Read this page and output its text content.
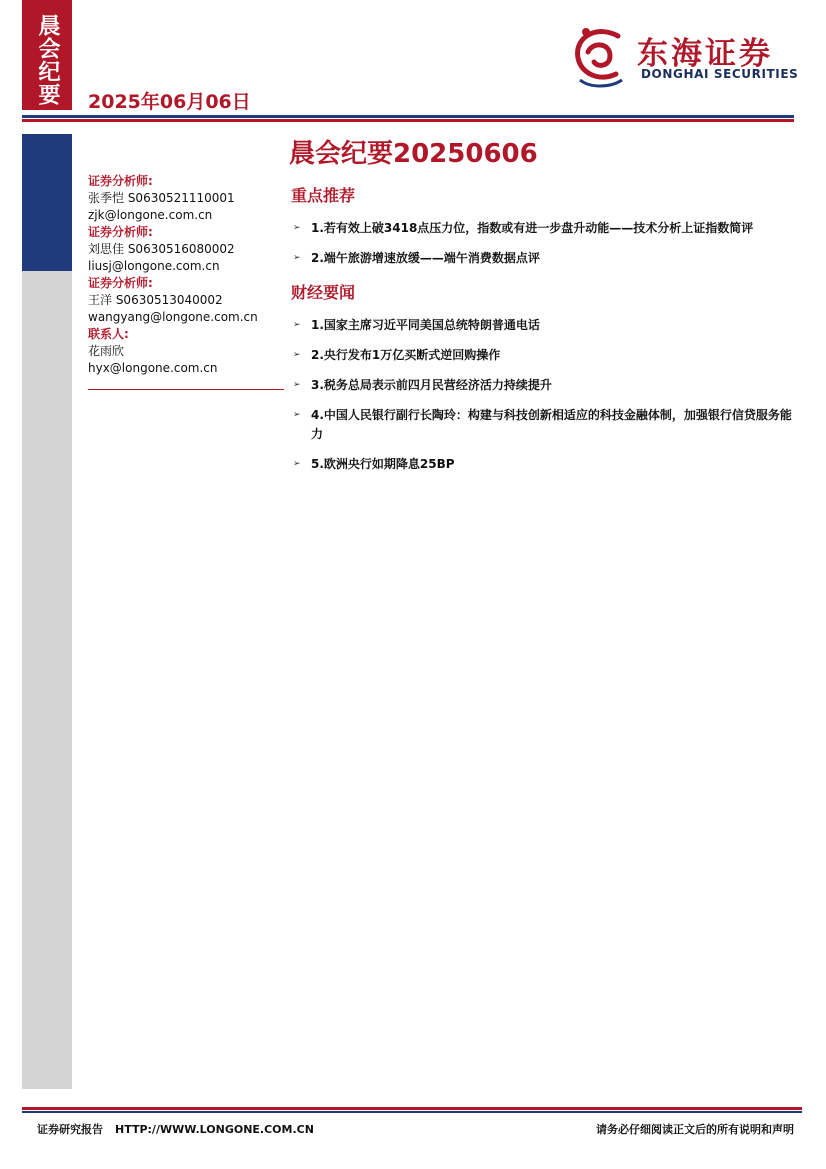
晨会纪要 2025年06月06日
东海证券
DONGHAI SECURITIES
晨会纪要20250606
证券分析师:
张季恺 S0630521110001
zjk@longone.com.cn
证券分析师:
刘思佳 S0630516080002
liusj@longone.com.cn
证券分析师:
王洋 S0630513040002
wangyang@longone.com.cn
联系人:
花雨欣
hyx@longone.com.cn
重点推荐
➢ 1.若有效上破3418点压力位，指数或有进一步盘升动能——技术分析上证指数简评
➢ 2.端午旅游增速放缓——端午消费数据点评
财经要闻
➢ 1.国家主席习近平同美国总统特朗普通电话
➢ 2.央行发布1万亿买断式逆回购操作
➢ 3.税务总局表示前四月民营经济活力持续提升
➢ 4.中国人民银行副行长陶玲：构建与科技创新相适应的科技金融体制，加强银行信贷服务能力
➢ 5.欧洲央行如期降息25BP
证券研究报告 HTTP://WWW.LONGONE.COM.CN	请务必仔细阅读正文后的所有说明和声明
